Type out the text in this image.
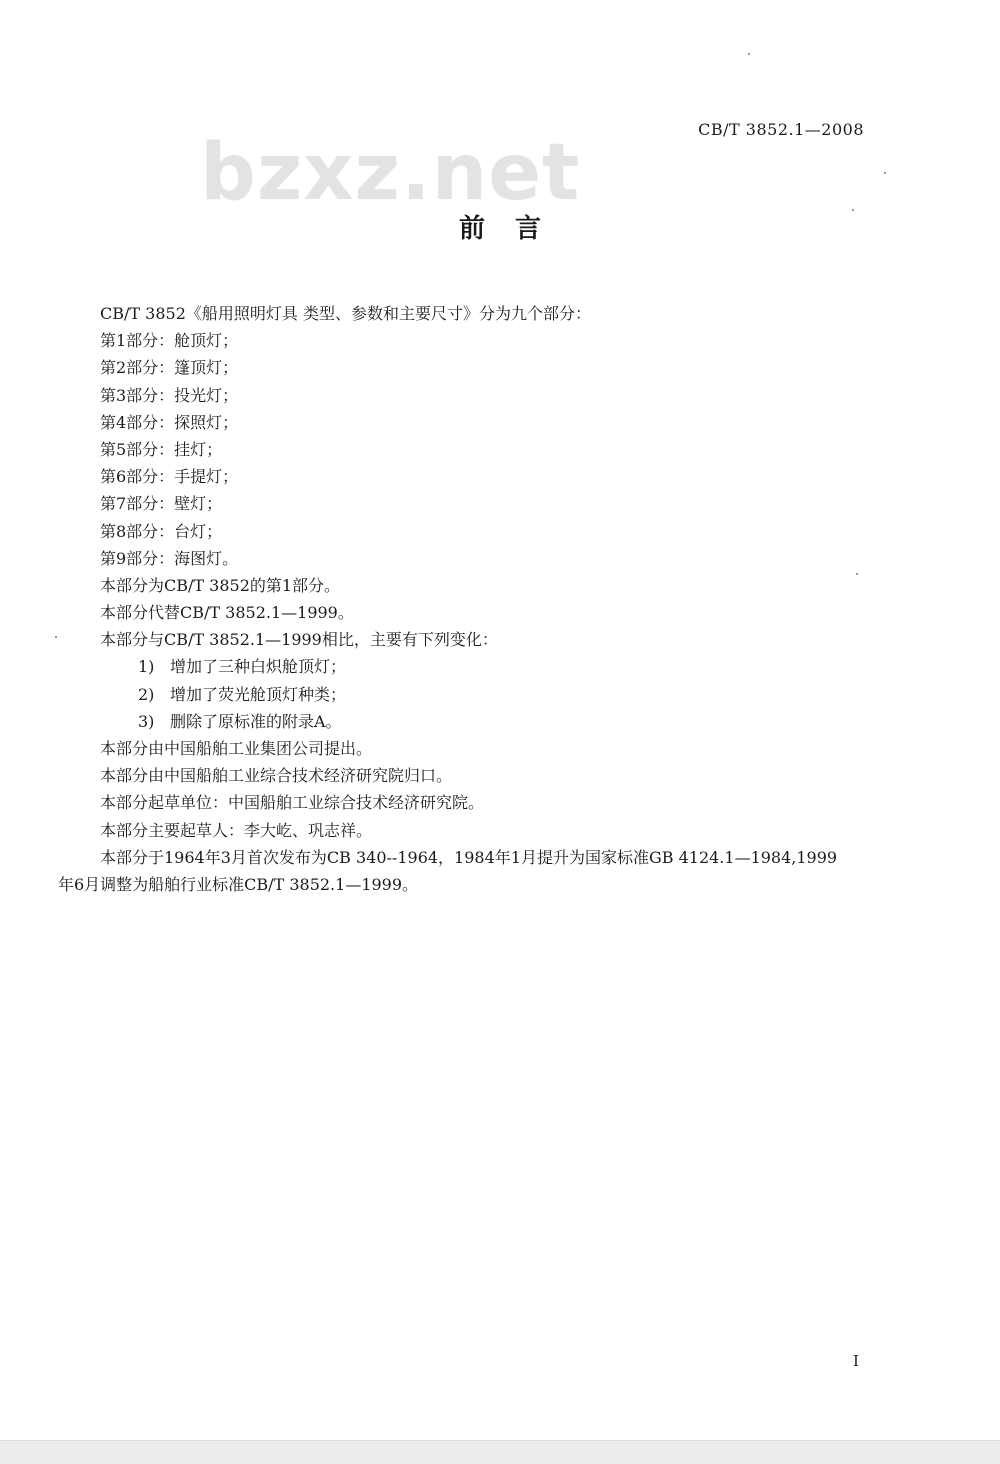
bzxz.net	CB/T 3852.1—2008
前言
CB/T 3852《船用照明灯具 类型、参数和主要尺寸》分为九个部分：
第1部分：舱顶灯；
第2部分：篷顶灯；
第3部分：投光灯；
第4部分：探照灯；
第5部分：挂灯；
第6部分：手提灯；
第7部分：壁灯；
第8部分：台灯；
第9部分：海图灯。
本部分为CB/T 3852的第1部分。
本部分代替CB/T 3852.1—1999。
本部分与CB/T 3852.1—1999相比，主要有下列变化：
1) 增加了三种白炽舱顶灯；
2) 增加了荧光舱顶灯种类；
3) 删除了原标准的附录A。
本部分由中国船舶工业集团公司提出。
本部分由中国船舶工业综合技术经济研究院归口。
本部分起草单位：中国船舶工业综合技术经济研究院。
本部分主要起草人：李大屹、巩志祥。
本部分于1964年3月首次发布为CB 340--1964，1984年1月提升为国家标准GB 4124.1—1984,1999
年6月调整为船舶行业标准CB/T 3852.1—1999。
I
